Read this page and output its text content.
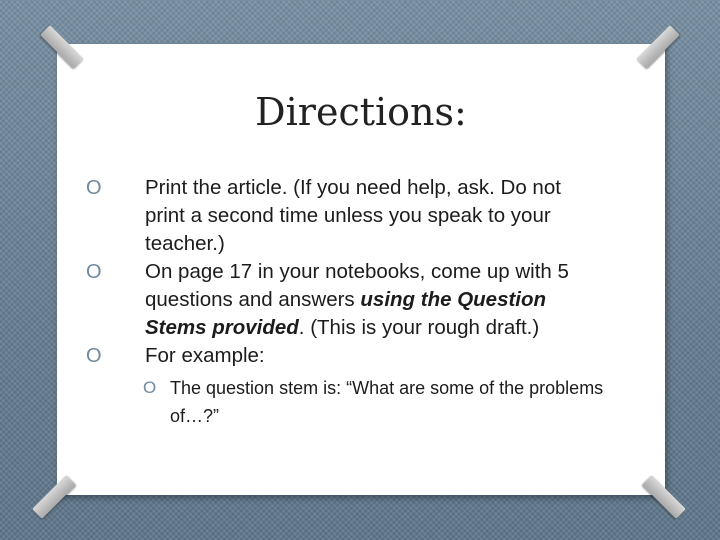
Directions:
O	Print the article. (If you need help, ask. Do not print a second time unless you speak to your teacher.)
O	On page 17 in your notebooks, come up with 5 questions and answers using the Question Stems provided. (This is your rough draft.)
O	For example:
O The question stem is: “What are some of the problems of…?”
